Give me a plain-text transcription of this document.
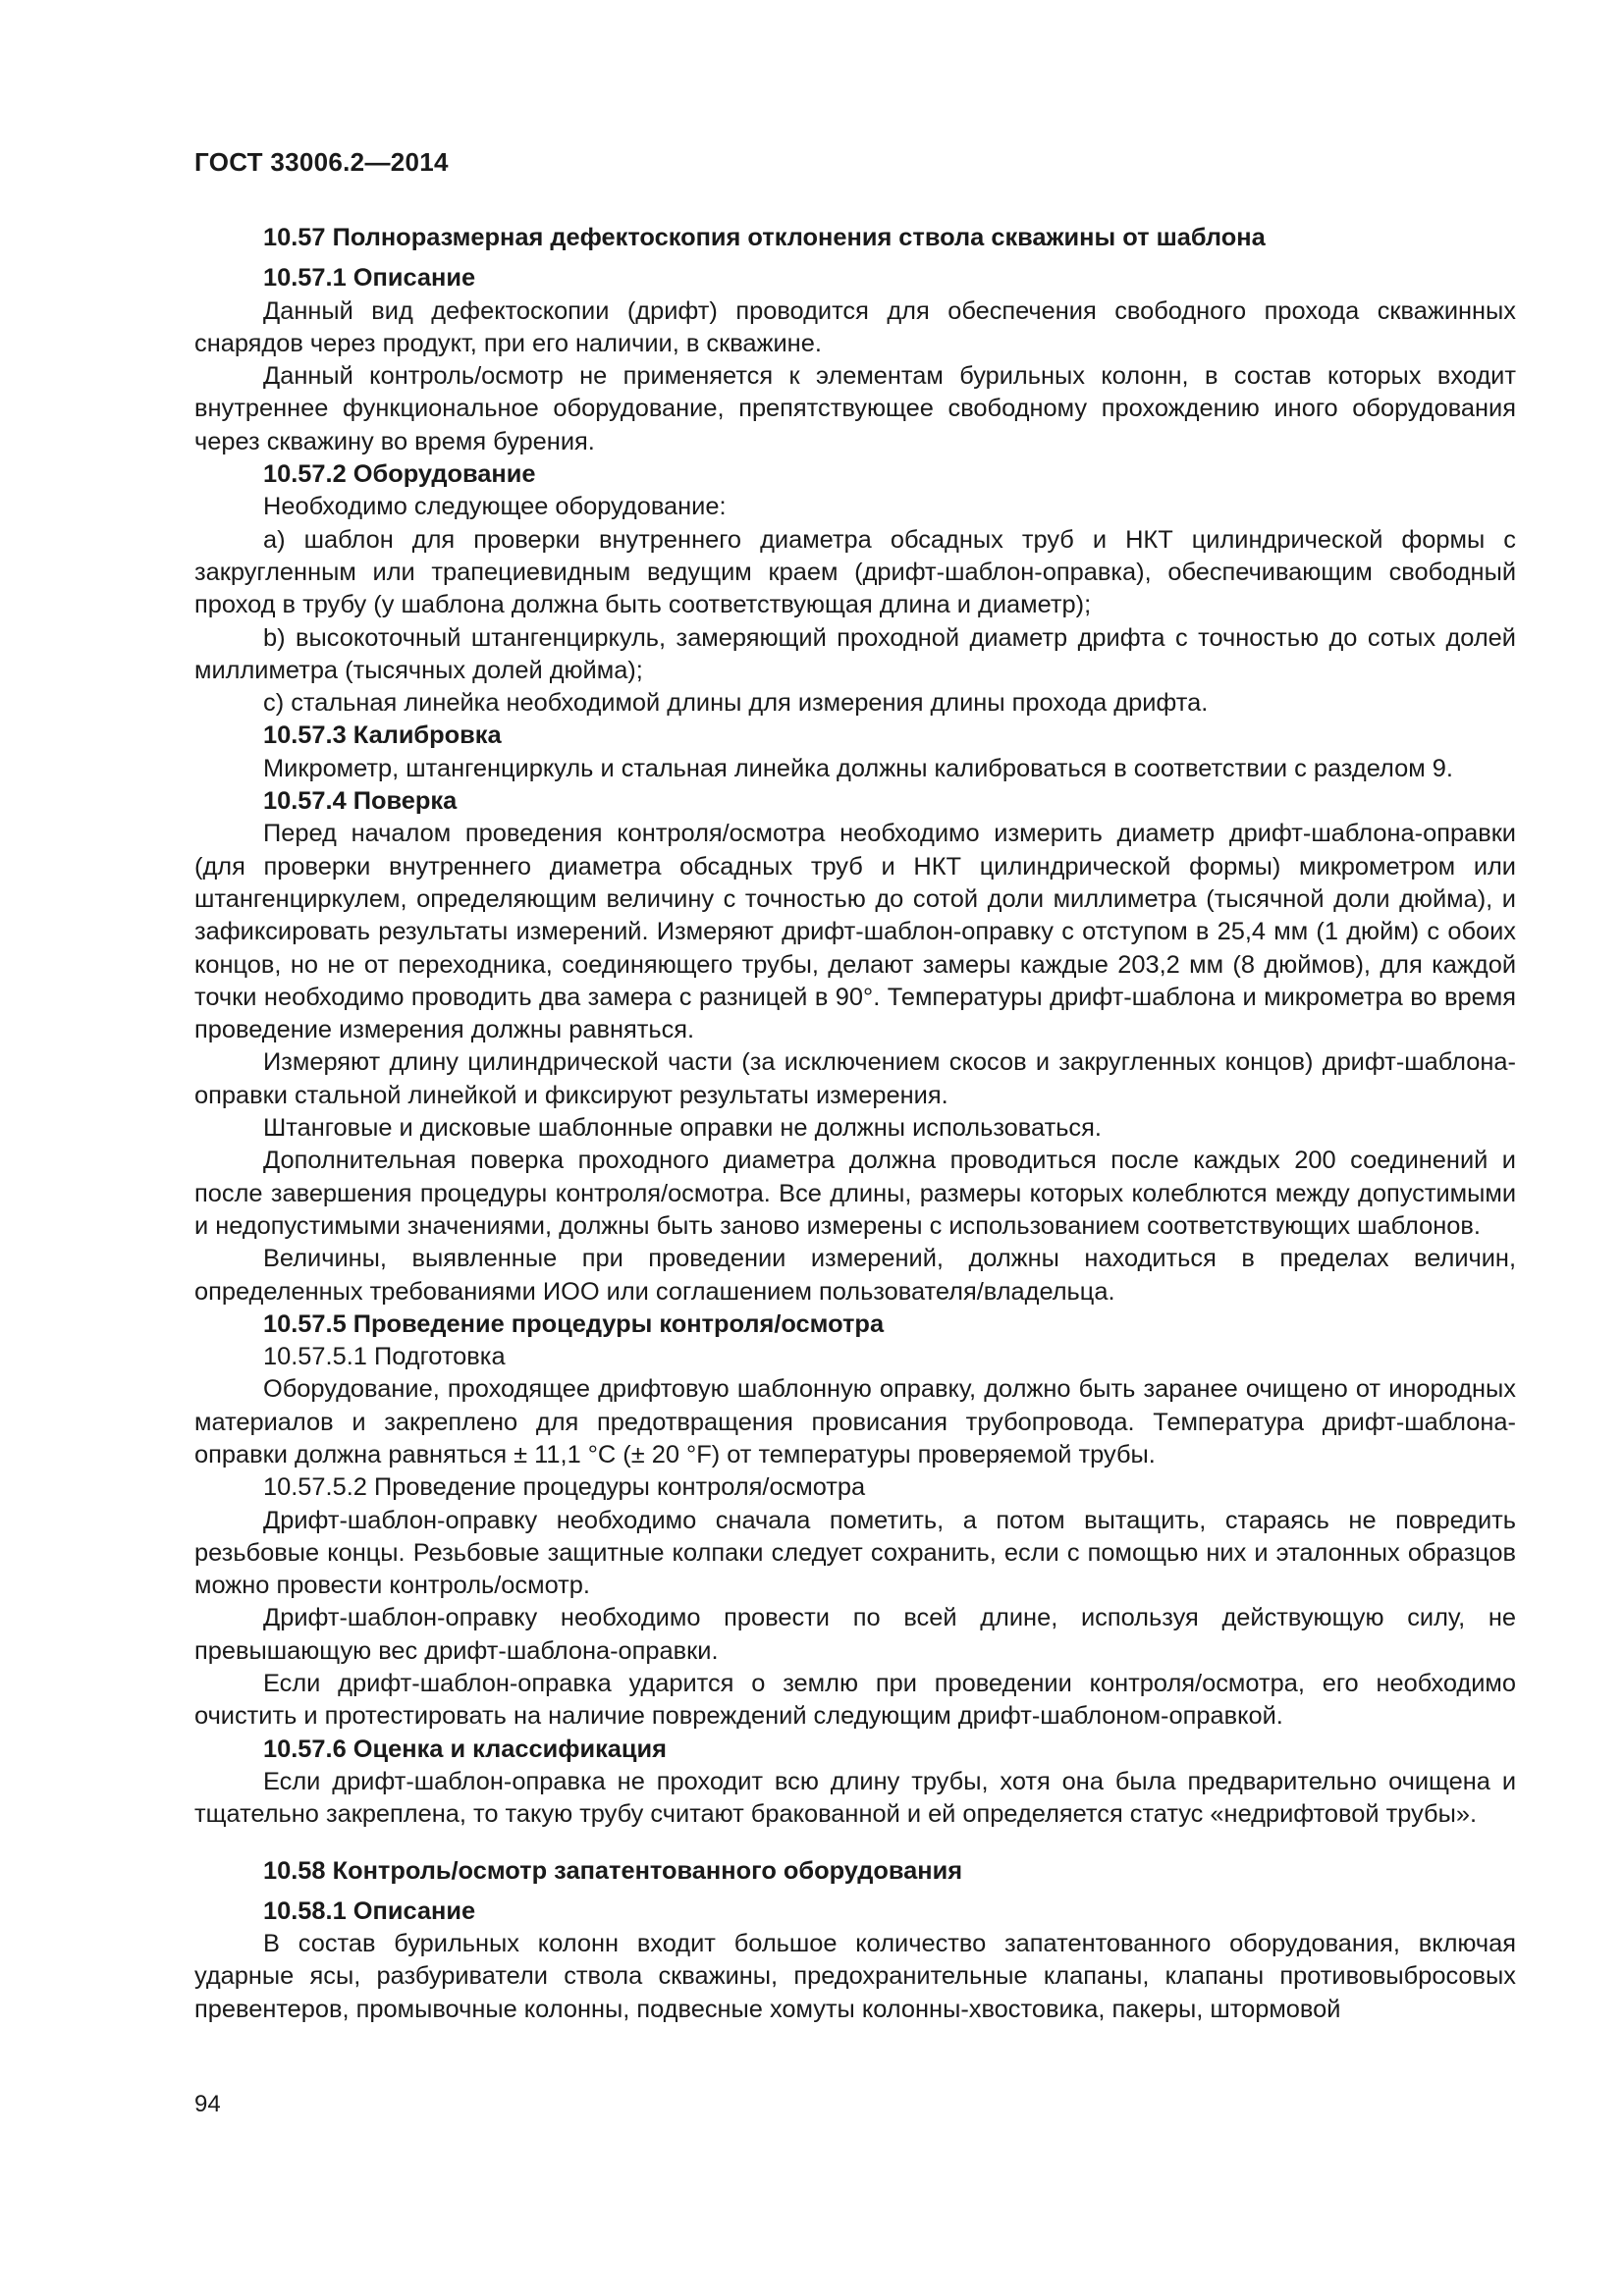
ГОСТ 33006.2—2014

10.57 Полноразмерная дефектоскопия отклонения ствола скважины от шаблона

10.57.1 Описание

Данный вид дефектоскопии (дрифт) проводится для обеспечения свободного прохода скважинных снарядов через продукт, при его наличии, в скважине.

Данный контроль/осмотр не применяется к элементам бурильных колонн, в состав которых входит внутреннее функциональное оборудование, препятствующее свободному прохождению иного оборудования через скважину во время бурения.

10.57.2 Оборудование

Необходимо следующее оборудование:

a) шаблон для проверки внутреннего диаметра обсадных труб и НКТ цилиндрической формы с закругленным или трапециевидным ведущим краем (дрифт-шаблон-оправка), обеспечивающим свободный проход в трубу (у шаблона должна быть соответствующая длина и диаметр);

b) высокоточный штангенциркуль, замеряющий проходной диаметр дрифта с точностью до сотых долей миллиметра (тысячных долей дюйма);

c) стальная линейка необходимой длины для измерения длины прохода дрифта.

10.57.3 Калибровка

Микрометр, штангенциркуль и стальная линейка должны калиброваться в соответствии с разделом 9.

10.57.4 Поверка

Перед началом проведения контроля/осмотра необходимо измерить диаметр дрифт-шаблона-оправки (для проверки внутреннего диаметра обсадных труб и НКТ цилиндрической формы) микрометром или штангенциркулем, определяющим величину с точностью до сотой доли миллиметра (тысячной доли дюйма), и зафиксировать результаты измерений. Измеряют дрифт-шаблон-оправку с отступом в 25,4 мм (1 дюйм) с обоих концов, но не от переходника, соединяющего трубы, делают замеры каждые 203,2 мм (8 дюймов), для каждой точки необходимо проводить два замера с разницей в 90°. Температуры дрифт-шаблона и микрометра во время проведение измерения должны равняться.

Измеряют длину цилиндрической части (за исключением скосов и закругленных концов) дрифт-шаблона-оправки стальной линейкой и фиксируют результаты измерения.

Штанговые и дисковые шаблонные оправки не должны использоваться.

Дополнительная поверка проходного диаметра должна проводиться после каждых 200 соединений и после завершения процедуры контроля/осмотра. Все длины, размеры которых колеблются между допустимыми и недопустимыми значениями, должны быть заново измерены с использованием соответствующих шаблонов.

Величины, выявленные при проведении измерений, должны находиться в пределах величин, определенных требованиями ИОО или соглашением пользователя/владельца.

10.57.5 Проведение процедуры контроля/осмотра

10.57.5.1 Подготовка

Оборудование, проходящее дрифтовую шаблонную оправку, должно быть заранее очищено от инородных материалов и закреплено для предотвращения провисания трубопровода. Температура дрифт-шаблона-оправки должна равняться ± 11,1 °С (± 20 °F) от температуры проверяемой трубы.

10.57.5.2 Проведение процедуры контроля/осмотра

Дрифт-шаблон-оправку необходимо сначала пометить, а потом вытащить, стараясь не повредить резьбовые концы. Резьбовые защитные колпаки следует сохранить, если с помощью них и эталонных образцов можно провести контроль/осмотр.

Дрифт-шаблон-оправку необходимо провести по всей длине, используя действующую силу, не превышающую вес дрифт-шаблона-оправки.

Если дрифт-шаблон-оправка ударится о землю при проведении контроля/осмотра, его необходимо очистить и протестировать на наличие повреждений следующим дрифт-шаблоном-оправкой.

10.57.6 Оценка и классификация

Если дрифт-шаблон-оправка не проходит всю длину трубы, хотя она была предварительно очищена и тщательно закреплена, то такую трубу считают бракованной и ей определяется статус «недрифтовой трубы».

10.58 Контроль/осмотр запатентованного оборудования

10.58.1 Описание

В состав бурильных колонн входит большое количество запатентованного оборудования, включая ударные ясы, разбуриватели ствола скважины, предохранительные клапаны, клапаны противовыбросовых превентеров, промывочные колонны, подвесные хомуты колонны-хвостовика, пакеры, штормовой

94
